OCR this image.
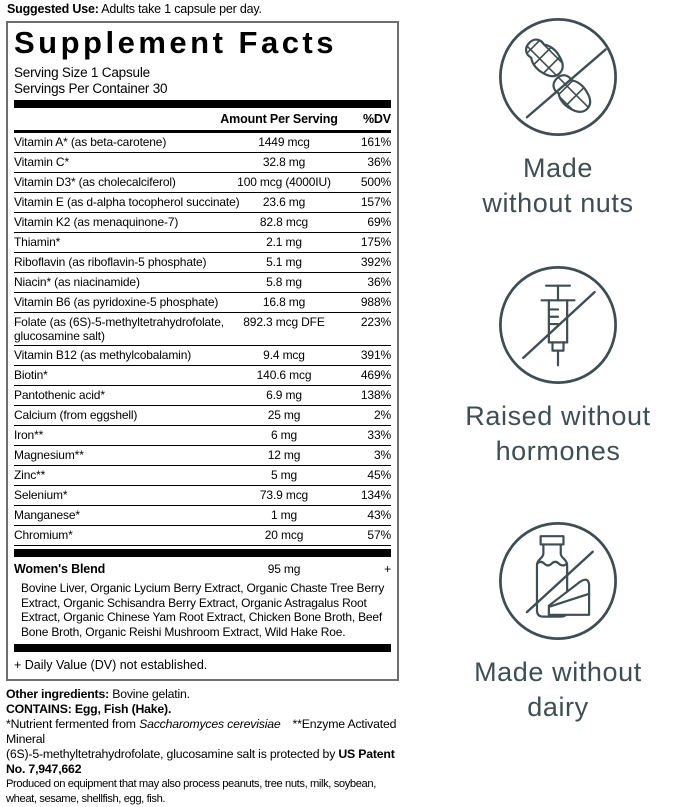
Suggested Use: Adults take 1 capsule per day.

Supplement Facts
Serving Size 1 Capsule
Servings Per Container 30

Amount Per Serving	%DV
Vitamin A* (as beta-carotene)	1449 mcg	161%
Vitamin C*	32.8 mg	36%
Vitamin D3* (as cholecalciferol)	100 mcg (4000IU)	500%
Vitamin E (as d-alpha tocopherol succinate)	23.6 mg	157%
Vitamin K2 (as menaquinone-7)	82.8 mcg	69%
Thiamin*	2.1 mg	175%
Riboflavin (as riboflavin-5 phosphate)	5.1 mg	392%
Niacin* (as niacinamide)	5.8 mg	36%
Vitamin B6 (as pyridoxine-5 phosphate)	16.8 mg	988%
Folate (as (6S)-5-methyltetrahydrofolate, glucosamine salt)
892.3 mcg DFE	223%
Vitamin B12 (as methylcobalamin)	9.4 mcg	391%
Biotin*	140.6 mcg	469%
Pantothenic acid*	6.9 mg	138%
Calcium (from eggshell)	25 mg	2%
Iron**	6 mg	33%
Magnesium**	12 mg	3%
Zinc**	5 mg	45%
Selenium*	73.9 mcg	134%
Manganese*	1 mg	43%
Chromium*	20 mcg	57%
Women's Blend	95 mg	+

Bovine Liver, Organic Lycium Berry Extract, Organic Chaste Tree Berry Extract, Organic Schisandra Berry Extract, Organic Astragalus Root Extract, Organic Chinese Yam Root Extract, Chicken Bone Broth, Beef Bone Broth, Organic Reishi Mushroom Extract, Wild Hake Roe.

+ Daily Value (DV) not established.

Other ingredients: Bovine gelatin.

CONTAINS: Egg, Fish (Hake).

*Nutrient fermented from Saccharomyces cerevisiae **Enzyme Activated Mineral

(6S)-5-methyltetrahydrofolate, glucosamine salt is protected by US Patent No. 7,947,662

Produced on equipment that may also process peanuts, tree nuts, milk, soybean, wheat, sesame, shellfish, egg, fish.

Made
without nuts
Raised without
hormones
Made without
dairy
